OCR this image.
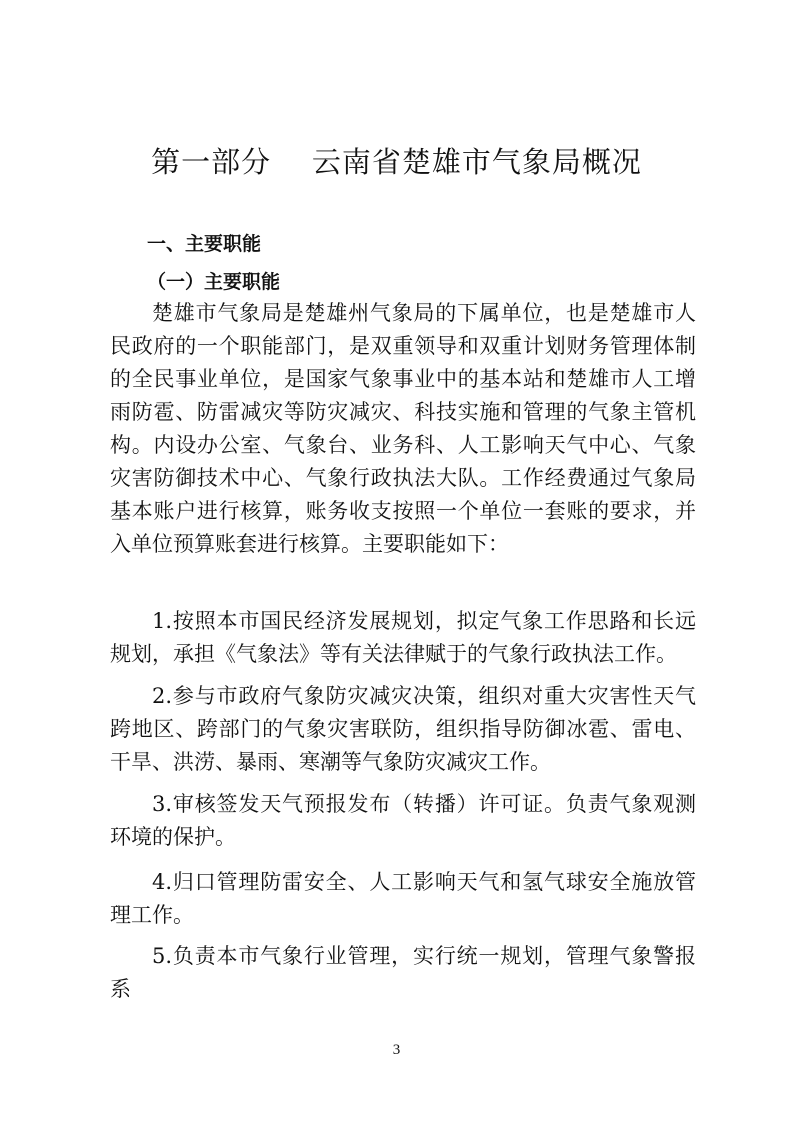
第一部分    云南省楚雄市气象局概况
一、主要职能
（一）主要职能

楚雄市气象局是楚雄州气象局的下属单位，也是楚雄市人民政府的一个职能部门，是双重领导和双重计划财务管理体制的全民事业单位，是国家气象事业中的基本站和楚雄市人工增雨防雹、防雷减灾等防灾减灾、科技实施和管理的气象主管机构。内设办公室、气象台、业务科、人工影响天气中心、气象灾害防御技术中心、气象行政执法大队。工作经费通过气象局基本账户进行核算，账务收支按照一个单位一套账的要求，并入单位预算账套进行核算。主要职能如下：

1.按照本市国民经济发展规划，拟定气象工作思路和长远规划，承担《气象法》等有关法律赋于的气象行政执法工作。

2.参与市政府气象防灾减灾决策，组织对重大灾害性天气跨地区、跨部门的气象灾害联防，组织指导防御冰雹、雷电、干旱、洪涝、暴雨、寒潮等气象防灾减灾工作。

3.审核签发天气预报发布（转播）许可证。负责气象观测环境的保护。

4.归口管理防雷安全、人工影响天气和氢气球安全施放管理工作。

5.负责本市气象行业管理，实行统一规划，管理气象警报系

3
